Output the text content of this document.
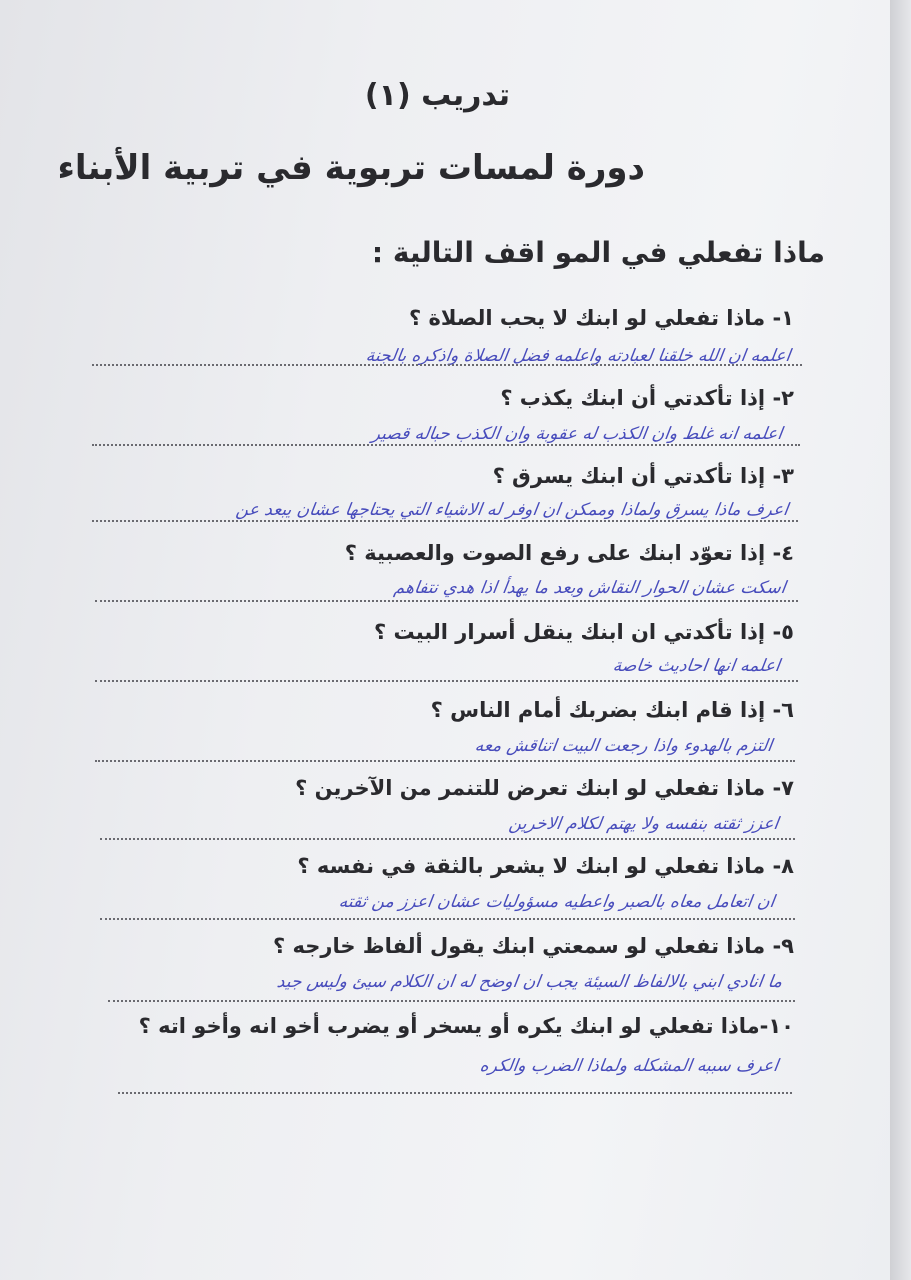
تدريب (١)
دورة لمسات تربوية في تربية الأبناء
ماذا تفعلي في المو اقف التالية :
١- ماذا تفعلي لو ابنك لا يحب الصلاة ؟
اعلمه ان الله خلقنا لعبادته واعلمه فضل الصلاة واذكره بالجنة
٢- إذا تأكدتي أن ابنك يكذب ؟
اعلمه انه غلط وان الكذب له عقوبة وان الكذب حباله قصير
٣- إذا تأكدتي أن ابنك يسرق ؟
اعرف ماذا يسرق ولماذا وممكن ان اوفر له الاشياء التي يحتاجها عشان يبعد عن
٤- إذا تعوّد ابنك على رفع الصوت والعصبية ؟
اسكت عشان الحوار النقاش وبعد ما يهدأ اذا هدي نتفاهم
٥- إذا تأكدتي ان ابنك ينقل أسرار البيت ؟
اعلمه انها احاديث خاصة
٦- إذا قام ابنك بضربك أمام الناس ؟
التزم بالهدوء واذا رجعت البيت اتناقش معه
٧- ماذا تفعلي لو ابنك تعرض للتنمر من الآخرين ؟
اعزز ثقته بنفسه ولا يهتم لكلام الاخرين
٨- ماذا تفعلي لو ابنك لا يشعر بالثقة في نفسه ؟
ان اتعامل معاه بالصبر واعطيه مسؤوليات عشان اعزز من ثقته
٩- ماذا تفعلي لو سمعتي ابنك يقول ألفاظ خارجه ؟
ما انادي ابني بالالفاظ السيئة يجب ان اوضح له ان الكلام سيئ وليس جيد
١٠-ماذا تفعلي لو ابنك يكره أو يسخر أو يضرب أخو انه وأخو اته ؟
اعرف سببه المشكله ولماذا الضرب والكره
